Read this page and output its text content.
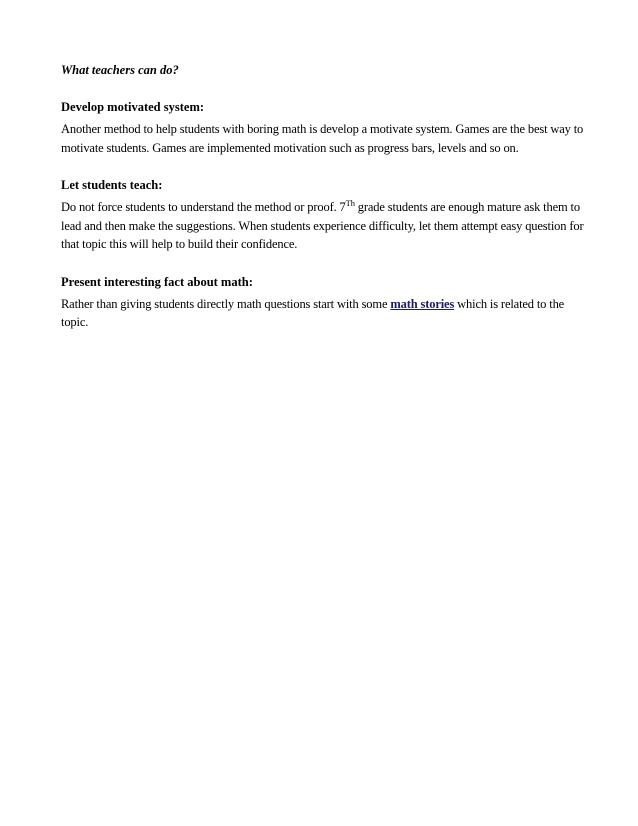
What teachers can do?

Develop motivated system:

Another method to help students with boring math is develop a motivate system. Games are the best way to motivate students. Games are implemented motivation such as progress bars, levels and so on.

Let students teach:

Do not force students to understand the method or proof. 7Th grade students are enough mature ask them to lead and then make the suggestions. When students experience difficulty, let them attempt easy question for that topic this will help to build their confidence.

Present interesting fact about math:

Rather than giving students directly math questions start with some math stories which is related to the topic.
